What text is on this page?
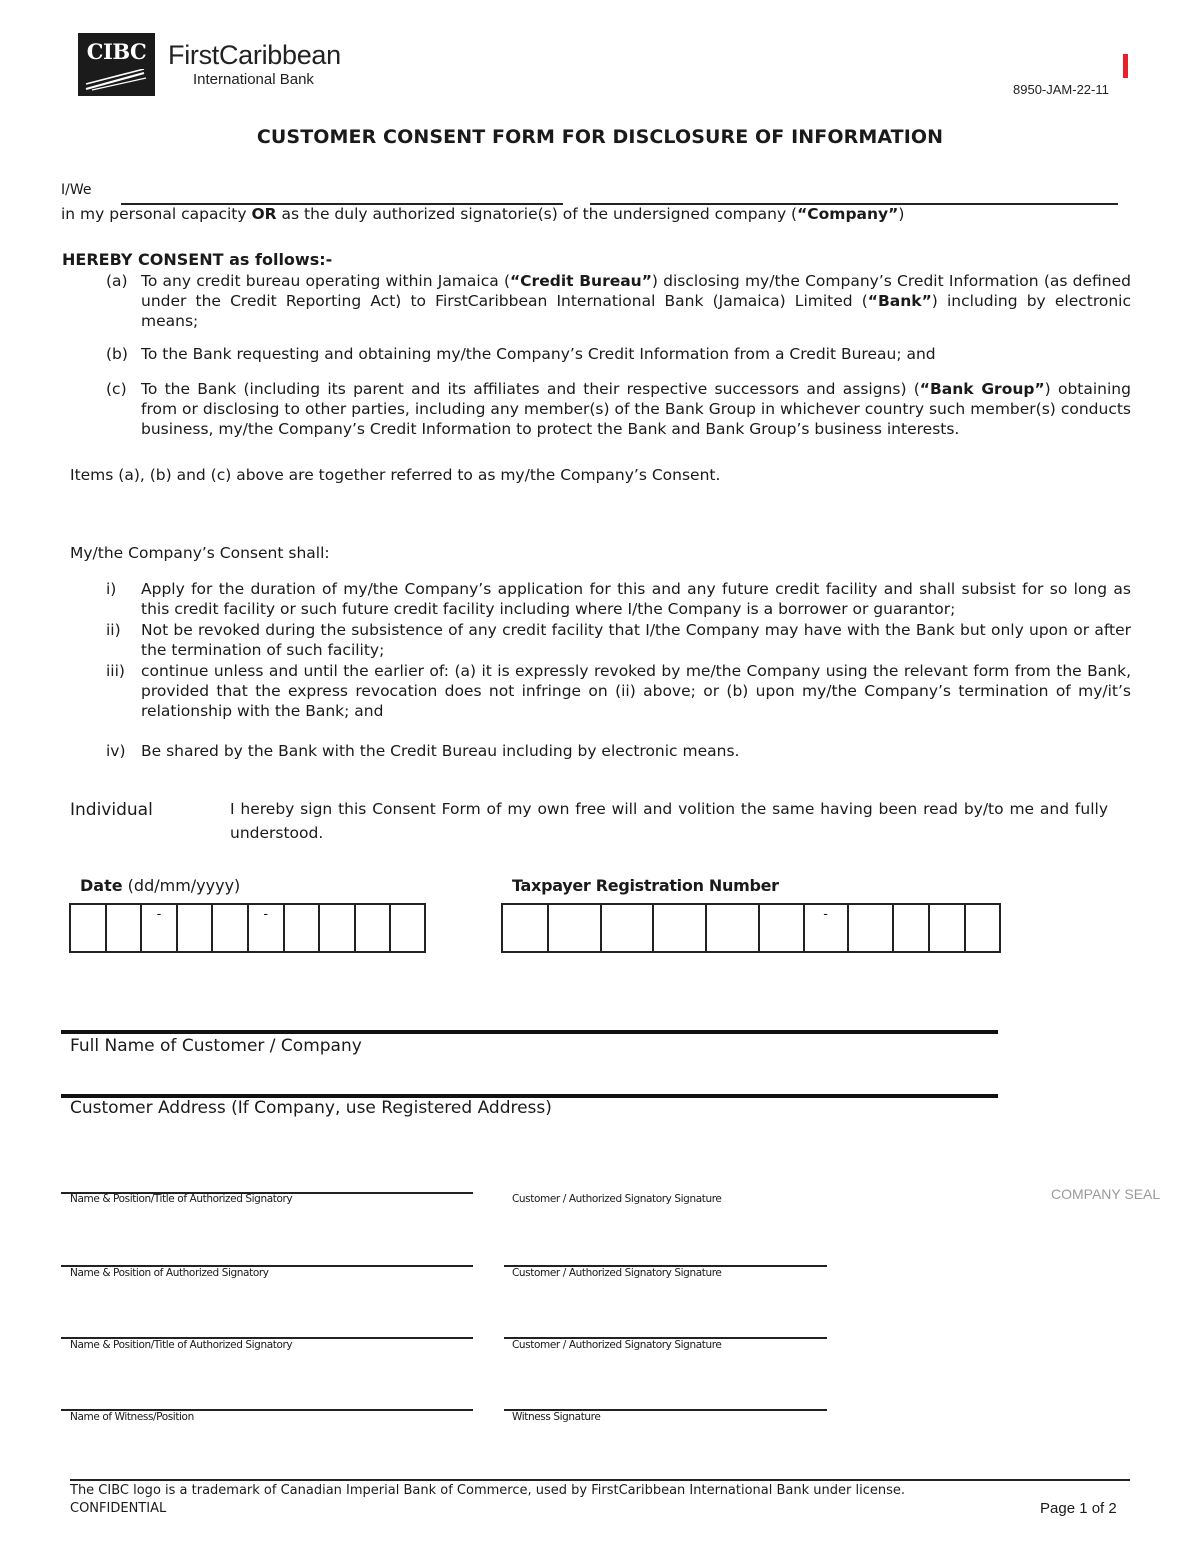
CIBC FirstCaribbean
International Bank
8950-JAM-22-11
CUSTOMER CONSENT FORM FOR DISCLOSURE OF INFORMATION
I/We
in my personal capacity OR as the duly authorized signatorie(s) of the undersigned company (“Company”)
HEREBY CONSENT as follows:-
(a) To any credit bureau operating within Jamaica (“Credit Bureau”) disclosing my/the Company’s Credit Information (as defined under the Credit Reporting Act) to FirstCaribbean International Bank (Jamaica) Limited (“Bank”) including by electronic means;
(b) To the Bank requesting and obtaining my/the Company’s Credit Information from a Credit Bureau; and
(c) To the Bank (including its parent and its affiliates and their respective successors and assigns) (“Bank Group”) obtaining from or disclosing to other parties, including any member(s) of the Bank Group in whichever country such member(s) conducts business, my/the Company’s Credit Information to protect the Bank and Bank Group’s business interests.
Items (a), (b) and (c) above are together referred to as my/the Company’s Consent.
My/the Company’s Consent shall:
i) Apply for the duration of my/the Company’s application for this and any future credit facility and shall subsist for so long as this credit facility or such future credit facility including where I/the Company is a borrower or guarantor;
ii) Not be revoked during the subsistence of any credit facility that I/the Company may have with the Bank but only upon or after the termination of such facility;
iii) continue unless and until the earlier of: (a) it is expressly revoked by me/the Company using the relevant form from the Bank, provided that the express revocation does not infringe on (ii) above; or (b) upon my/the Company’s termination of my/it’s relationship with the Bank; and
iv) Be shared by the Bank with the Credit Bureau including by electronic means.
Individual	I hereby sign this Consent Form of my own free will and volition the same having been read by/to me and fully understood.
Date (dd/mm/yyyy)	Taxpayer Registration Number
-	-	-
Full Name of Customer / Company
Customer Address (If Company, use Registered Address)
COMPANY SEAL
Name & Position/Title of Authorized Signatory	Customer / Authorized Signatory Signature
Name & Position of Authorized Signatory	Customer / Authorized Signatory Signature
Name & Position/Title of Authorized Signatory	Customer / Authorized Signatory Signature
Name of Witness/Position	Witness Signature
The CIBC logo is a trademark of Canadian Imperial Bank of Commerce, used by FirstCaribbean International Bank under license.
CONFIDENTIAL	Page 1 of 2
